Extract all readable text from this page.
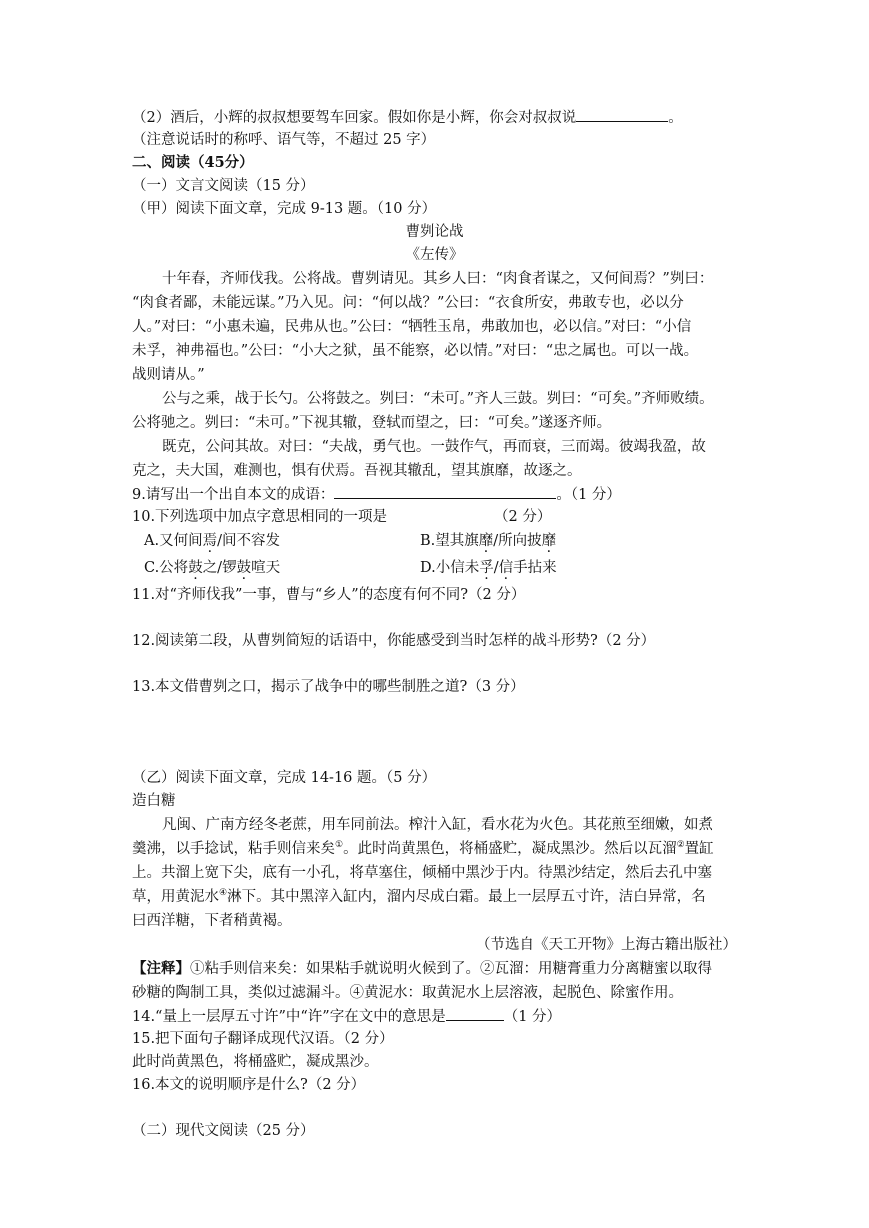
（2）酒后，小辉的叔叔想要驾车回家。假如你是小辉，你会对叔叔说	。
（注意说话时的称呼、语气等，不超过 25 字）
二、阅读（45分）
（一）文言文阅读（15 分）
（甲）阅读下面文章，完成 9-13 题。（10 分）
曹刿论战
《左传》
十年春，齐师伐我。公将战。曹刿请见。其乡人曰：“肉食者谋之，又何间焉？”刿曰：
“肉食者鄙，未能远谋。”乃入见。问：“何以战？”公曰：“衣食所安，弗敢专也，必以分
人。”对曰：“小惠未遍，民弗从也。”公曰：“牺牲玉帛，弗敢加也，必以信。”对曰：“小信
未孚，神弗福也。”公曰：“小大之狱，虽不能察，必以情。”对曰：“忠之属也。可以一战。
战则请从。”
公与之乘，战于长勺。公将鼓之。刿曰：“未可。”齐人三鼓。刿曰：“可矣。”齐师败绩。
公将驰之。刿曰：“未可。”下视其辙，登轼而望之，曰：“可矣。”遂逐齐师。
既克，公问其故。对曰：“夫战，勇气也。一鼓作气，再而衰，三而竭。彼竭我盈，故
克之，夫大国，难测也，惧有伏焉。吾视其辙乱，望其旗靡，故逐之。
9.请写出一个出自本文的成语：	。（1 分）
10.下列选项中加点字意思相同的一项是	（2 分）
A.又何间焉/间不容发	B.望其旗靡/所向披靡
C.公将鼓之/锣鼓喧天	D.小信未孚/信手拈来
11.对“齐师伐我”一事，曹与“乡人”的态度有何不同?（2 分）
12.阅读第二段，从曹刿简短的话语中，你能感受到当时怎样的战斗形势?（2 分）
13.本文借曹刿之口，揭示了战争中的哪些制胜之道?（3 分）
（乙）阅读下面文章，完成 14-16 题。（5 分）
造白糖
凡闽、广南方经冬老蔗，用车同前法。榨汁入缸，看水花为火色。其花煎至细嫩，如煮
羹沸，以手捻试，粘手则信来矣①。此时尚黄黑色，将桶盛贮，凝成黑沙。然后以瓦溜②置缸
上。共溜上宽下尖，底有一小孔，将草塞住，倾桶中黑沙于内。待黑沙结定，然后去孔中塞
草，用黄泥水④淋下。其中黑滓入缸内，溜内尽成白霜。最上一层厚五寸许，洁白异常，名
曰西洋糖，下者稍黄褐。
（节选自《天工开物》上海古籍出版社）
【注释】①粘手则信来矣：如果粘手就说明火候到了。②瓦溜：用糖膏重力分离糖蜜以取得
砂糖的陶制工具，类似过滤漏斗。④黄泥水：取黄泥水上层溶液，起脱色、除蜜作用。
14.“量上一层厚五寸许”中“许”字在文中的意思是	（1 分）
15.把下面句子翻译成现代汉语。（2 分）
此时尚黄黑色，将桶盛贮，凝成黑沙。
16.本文的说明顺序是什么?（2 分）
（二）现代文阅读（25 分）
